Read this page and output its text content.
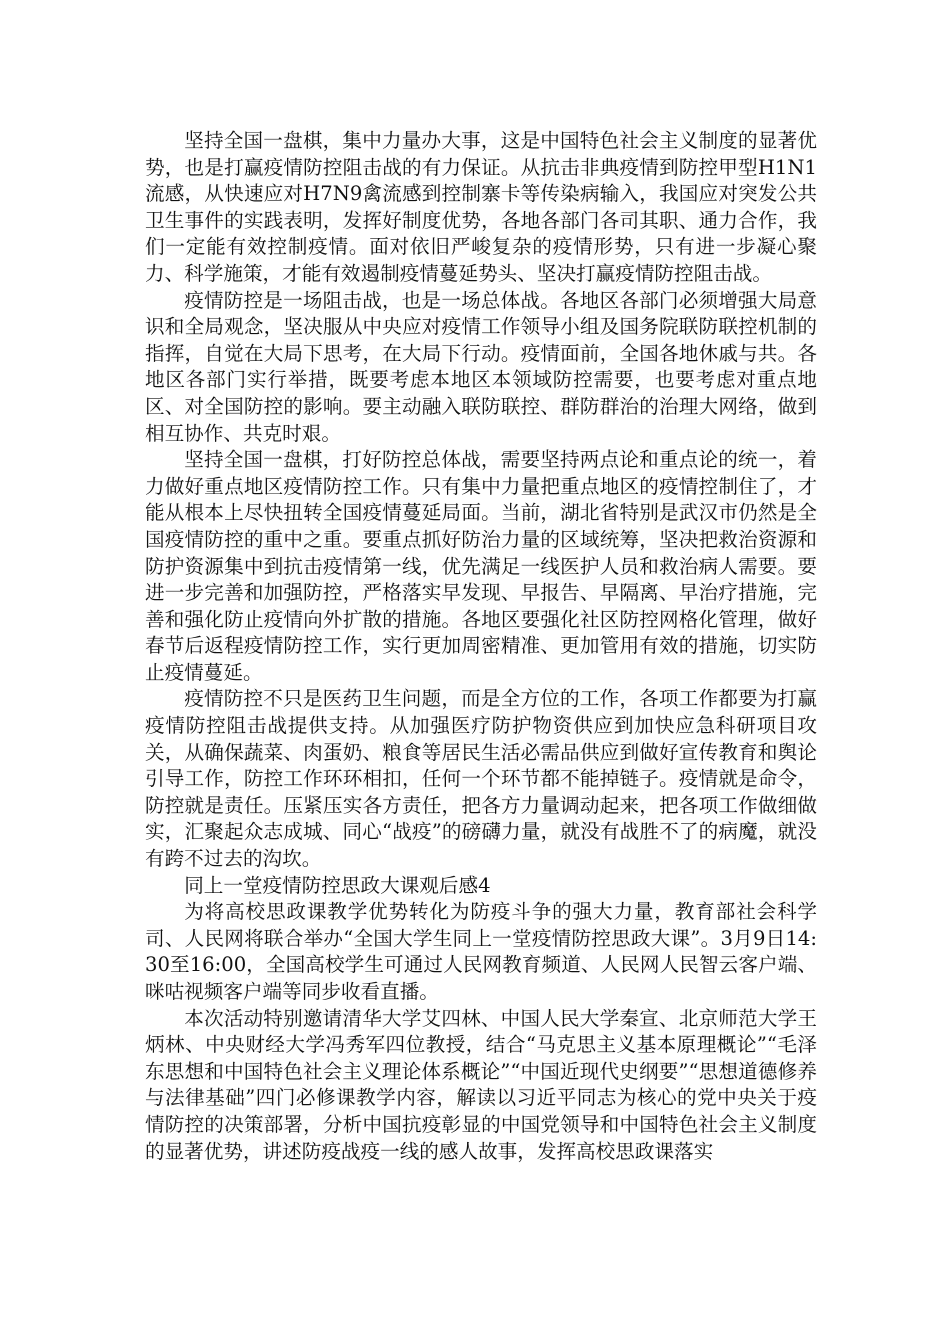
坚持全国一盘棋，集中力量办大事，这是中国特色社会主义制度的显著优势，也是打赢疫情防控阻击战的有力保证。从抗击非典疫情到防控甲型H1N1流感，从快速应对H7N9禽流感到控制寨卡等传染病输入，我国应对突发公共卫生事件的实践表明，发挥好制度优势，各地各部门各司其职、通力合作，我们一定能有效控制疫情。面对依旧严峻复杂的疫情形势，只有进一步凝心聚力、科学施策，才能有效遏制疫情蔓延势头、坚决打赢疫情防控阻击战。

疫情防控是一场阻击战，也是一场总体战。各地区各部门必须增强大局意识和全局观念，坚决服从中央应对疫情工作领导小组及国务院联防联控机制的指挥，自觉在大局下思考，在大局下行动。疫情面前，全国各地休戚与共。各地区各部门实行举措，既要考虑本地区本领域防控需要，也要考虑对重点地区、对全国防控的影响。要主动融入联防联控、群防群治的治理大网络，做到相互协作、共克时艰。

坚持全国一盘棋，打好防控总体战，需要坚持两点论和重点论的统一，着力做好重点地区疫情防控工作。只有集中力量把重点地区的疫情控制住了，才能从根本上尽快扭转全国疫情蔓延局面。当前，湖北省特别是武汉市仍然是全国疫情防控的重中之重。要重点抓好防治力量的区域统筹，坚决把救治资源和防护资源集中到抗击疫情第一线，优先满足一线医护人员和救治病人需要。要进一步完善和加强防控，严格落实早发现、早报告、早隔离、早治疗措施，完善和强化防止疫情向外扩散的措施。各地区要强化社区防控网格化管理，做好春节后返程疫情防控工作，实行更加周密精准、更加管用有效的措施，切实防止疫情蔓延。

疫情防控不只是医药卫生问题，而是全方位的工作，各项工作都要为打赢疫情防控阻击战提供支持。从加强医疗防护物资供应到加快应急科研项目攻关，从确保蔬菜、肉蛋奶、粮食等居民生活必需品供应到做好宣传教育和舆论引导工作，防控工作环环相扣，任何一个环节都不能掉链子。疫情就是命令，防控就是责任。压紧压实各方责任，把各方力量调动起来，把各项工作做细做实，汇聚起众志成城、同心“战疫”的磅礴力量，就没有战胜不了的病魔，就没有跨不过去的沟坎。

同上一堂疫情防控思政大课观后感4

为将高校思政课教学优势转化为防疫斗争的强大力量，教育部社会科学司、人民网将联合举办“全国大学生同上一堂疫情防控思政大课”。3月9日14:30至16:00，全国高校学生可通过人民网教育频道、人民网人民智云客户端、咪咕视频客户端等同步收看直播。

本次活动特别邀请清华大学艾四林、中国人民大学秦宣、北京师范大学王炳林、中央财经大学冯秀军四位教授，结合“马克思主义基本原理概论”“毛泽东思想和中国特色社会主义理论体系概论”“中国近现代史纲要”“思想道德修养与法律基础”四门必修课教学内容，解读以习近平同志为核心的党中央关于疫情防控的决策部署，分析中国抗疫彰显的中国党领导和中国特色社会主义制度的显著优势，讲述防疫战疫一线的感人故事，发挥高校思政课落实
